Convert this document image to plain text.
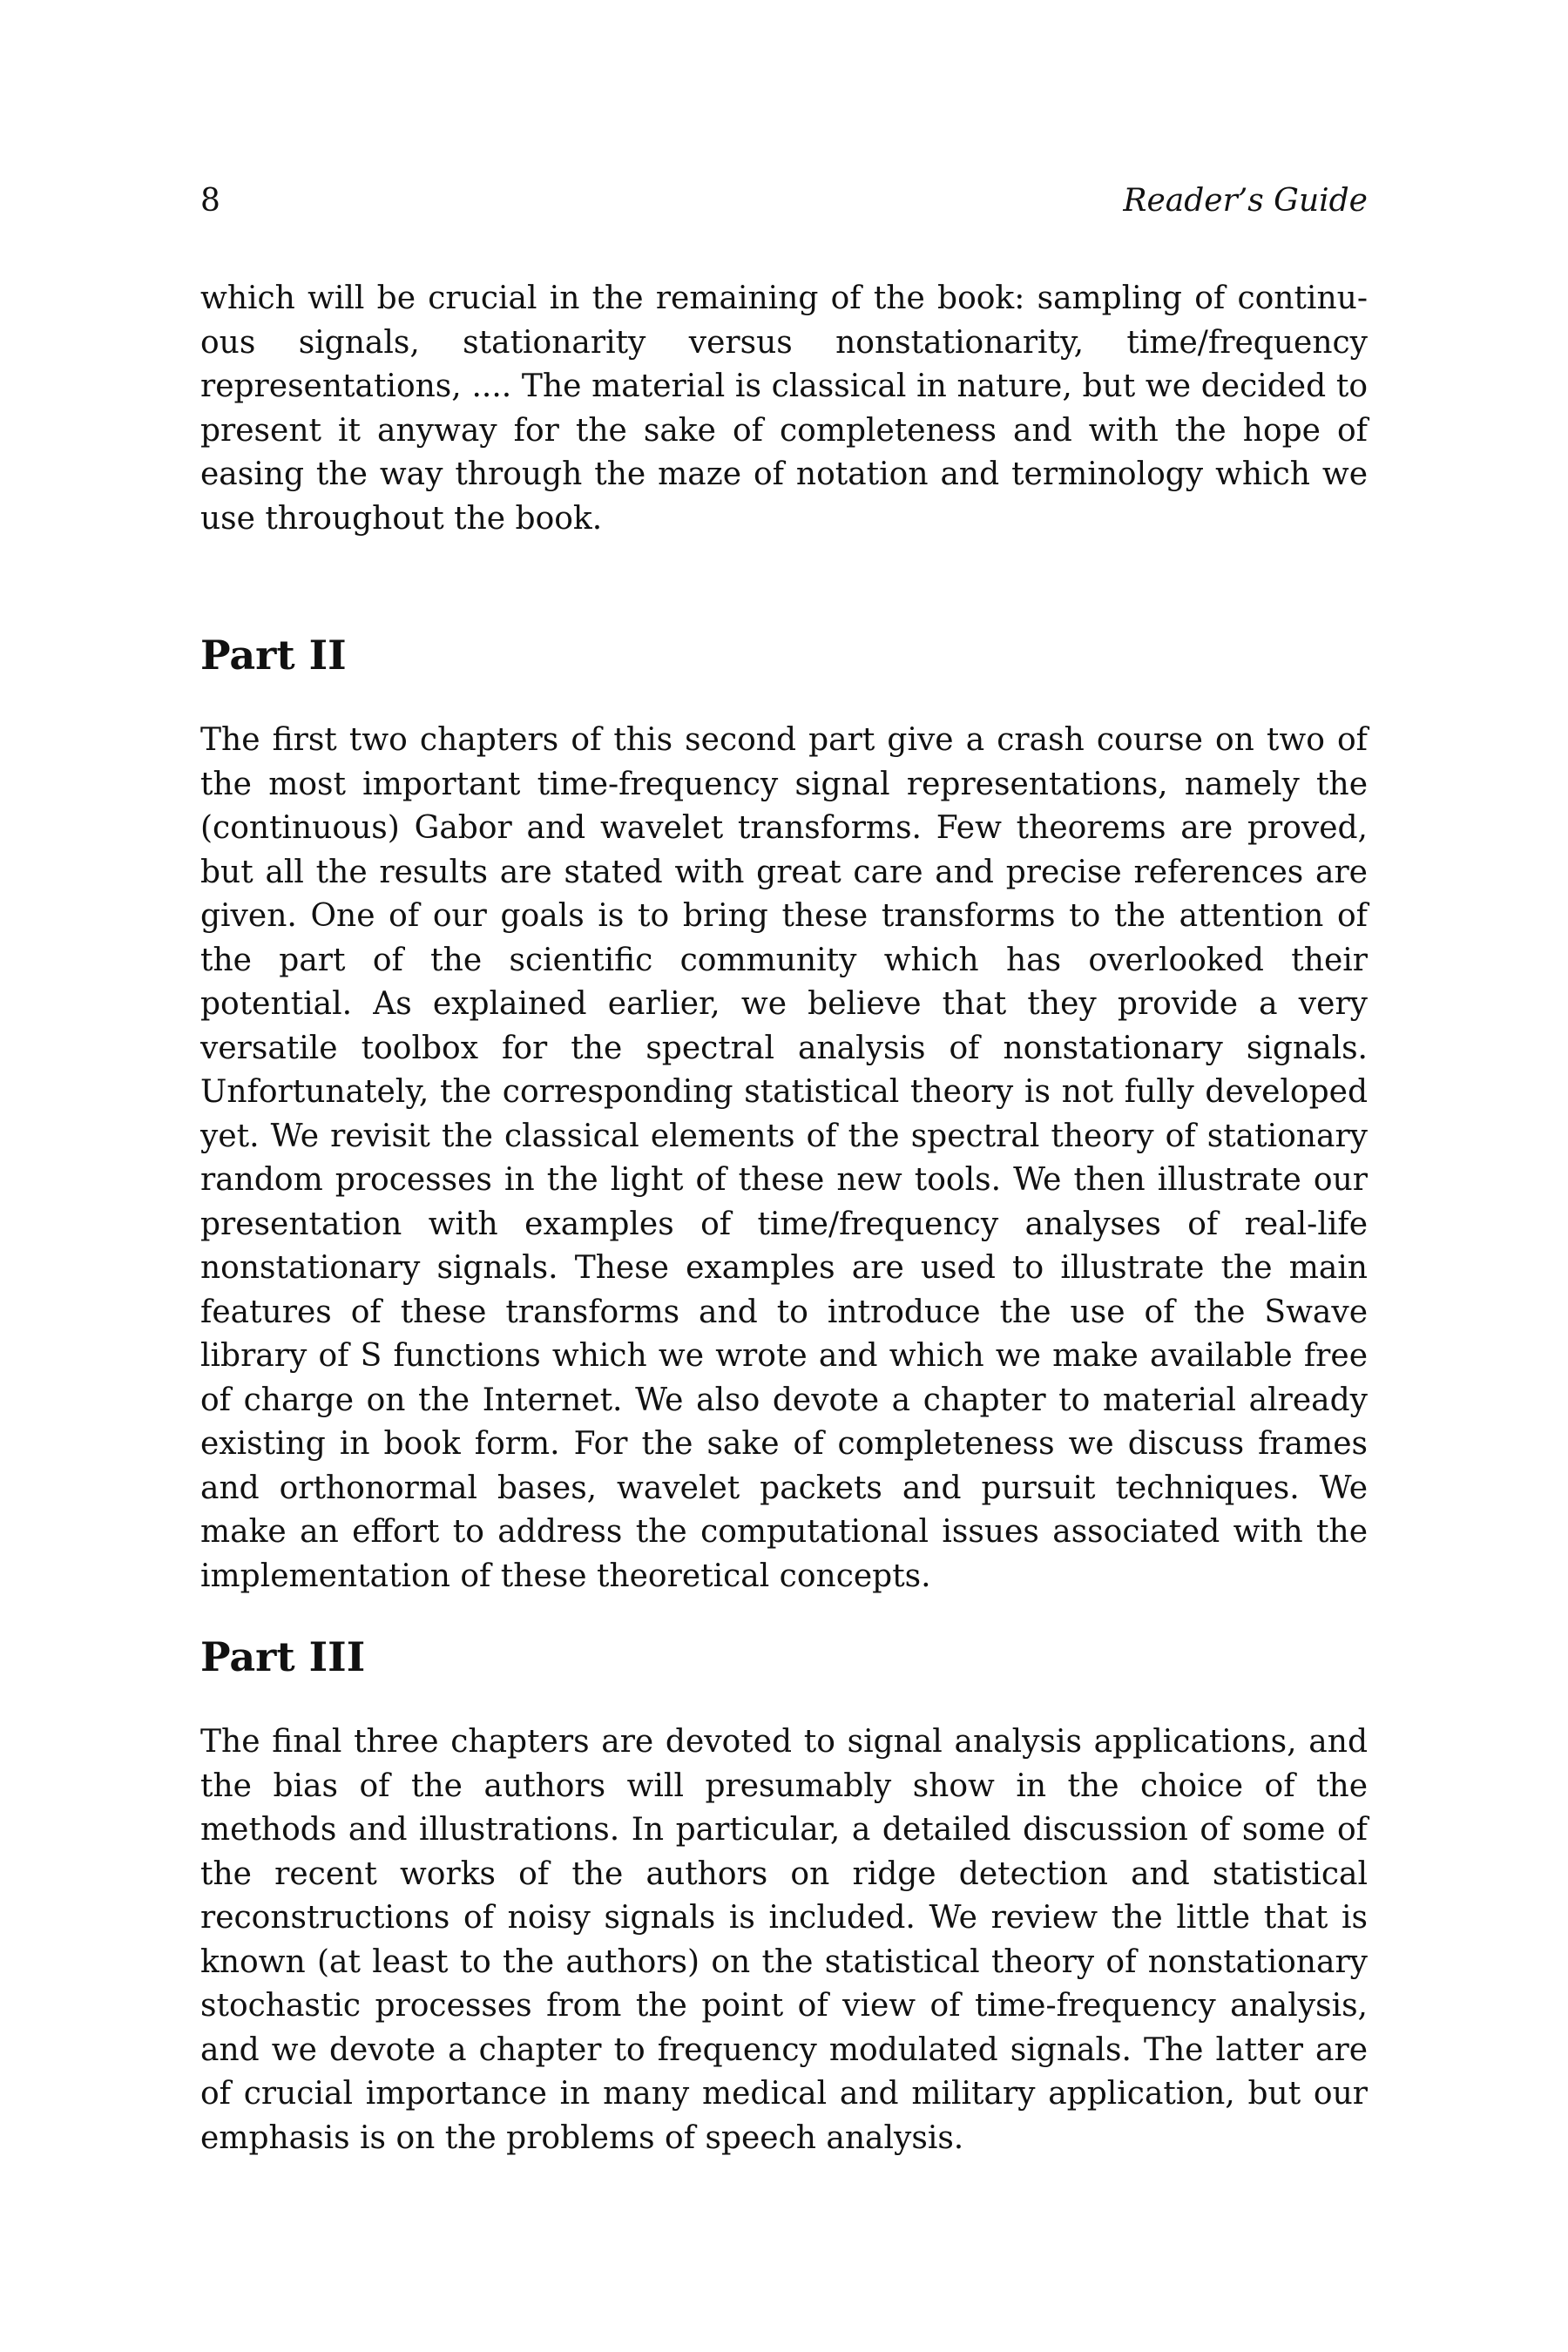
8	Reader’s Guide

which will be crucial in the remaining of the book: sampling of continuous signals, stationarity versus nonstationarity, time/frequency representations, .... The material is classical in nature, but we decided to present it anyway for the sake of completeness and with the hope of easing the way through the maze of notation and terminology which we use throughout the book.

Part II

The first two chapters of this second part give a crash course on two of the most important time-frequency signal representations, namely the (continuous) Gabor and wavelet transforms. Few theorems are proved, but all the results are stated with great care and precise references are given. One of our goals is to bring these transforms to the attention of the part of the scientific community which has overlooked their potential. As explained earlier, we believe that they provide a very versatile toolbox for the spectral analysis of nonstationary signals. Unfortunately, the corresponding statistical theory is not fully developed yet. We revisit the classical elements of the spectral theory of stationary random processes in the light of these new tools. We then illustrate our presentation with examples of time/frequency analyses of real-life nonstationary signals. These examples are used to illustrate the main features of these transforms and to introduce the use of the Swave library of S functions which we wrote and which we make available free of charge on the Internet. We also devote a chapter to material already existing in book form. For the sake of completeness we discuss frames and orthonormal bases, wavelet packets and pursuit techniques. We make an effort to address the computational issues associated with the implementation of these theoretical concepts.

Part III

The final three chapters are devoted to signal analysis applications, and the bias of the authors will presumably show in the choice of the methods and illustrations. In particular, a detailed discussion of some of the recent works of the authors on ridge detection and statistical reconstructions of noisy signals is included. We review the little that is known (at least to the authors) on the statistical theory of nonstationary stochastic processes from the point of view of time-frequency analysis, and we devote a chapter to frequency modulated signals. The latter are of crucial importance in many medical and military application, but our emphasis is on the problems of speech analysis.
